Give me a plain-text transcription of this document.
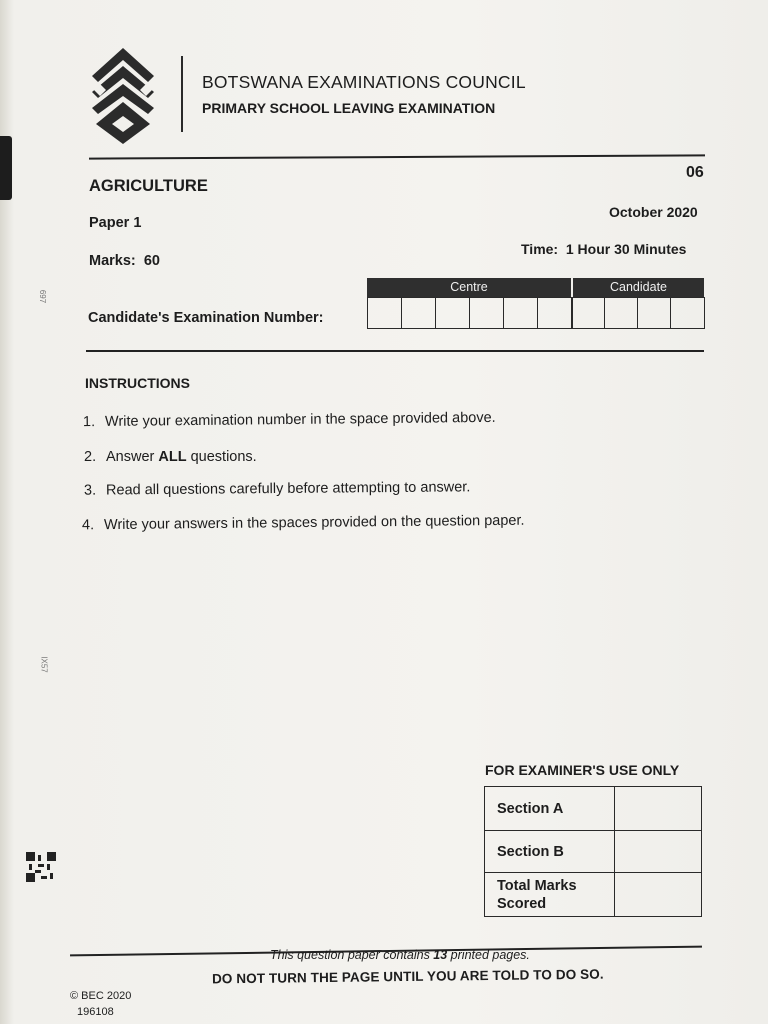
697
IX57
BOTSWANA EXAMINATIONS COUNCIL
PRIMARY SCHOOL LEAVING EXAMINATION
AGRICULTURE
06
Paper 1
October 2020
Marks: 60
Time: 1 Hour 30 Minutes
Candidate's Examination Number:
Centre	Candidate
INSTRUCTIONS
1. Write your examination number in the space provided above.
2. Answer ALL questions.
3. Read all questions carefully before attempting to answer.
4. Write your answers in the spaces provided on the question paper.
FOR EXAMINER'S USE ONLY
Section A	
Section B	
Total Marks Scored	
This question paper contains 13 printed pages.
DO NOT TURN THE PAGE UNTIL YOU ARE TOLD TO DO SO.
© BEC 2020
196108
